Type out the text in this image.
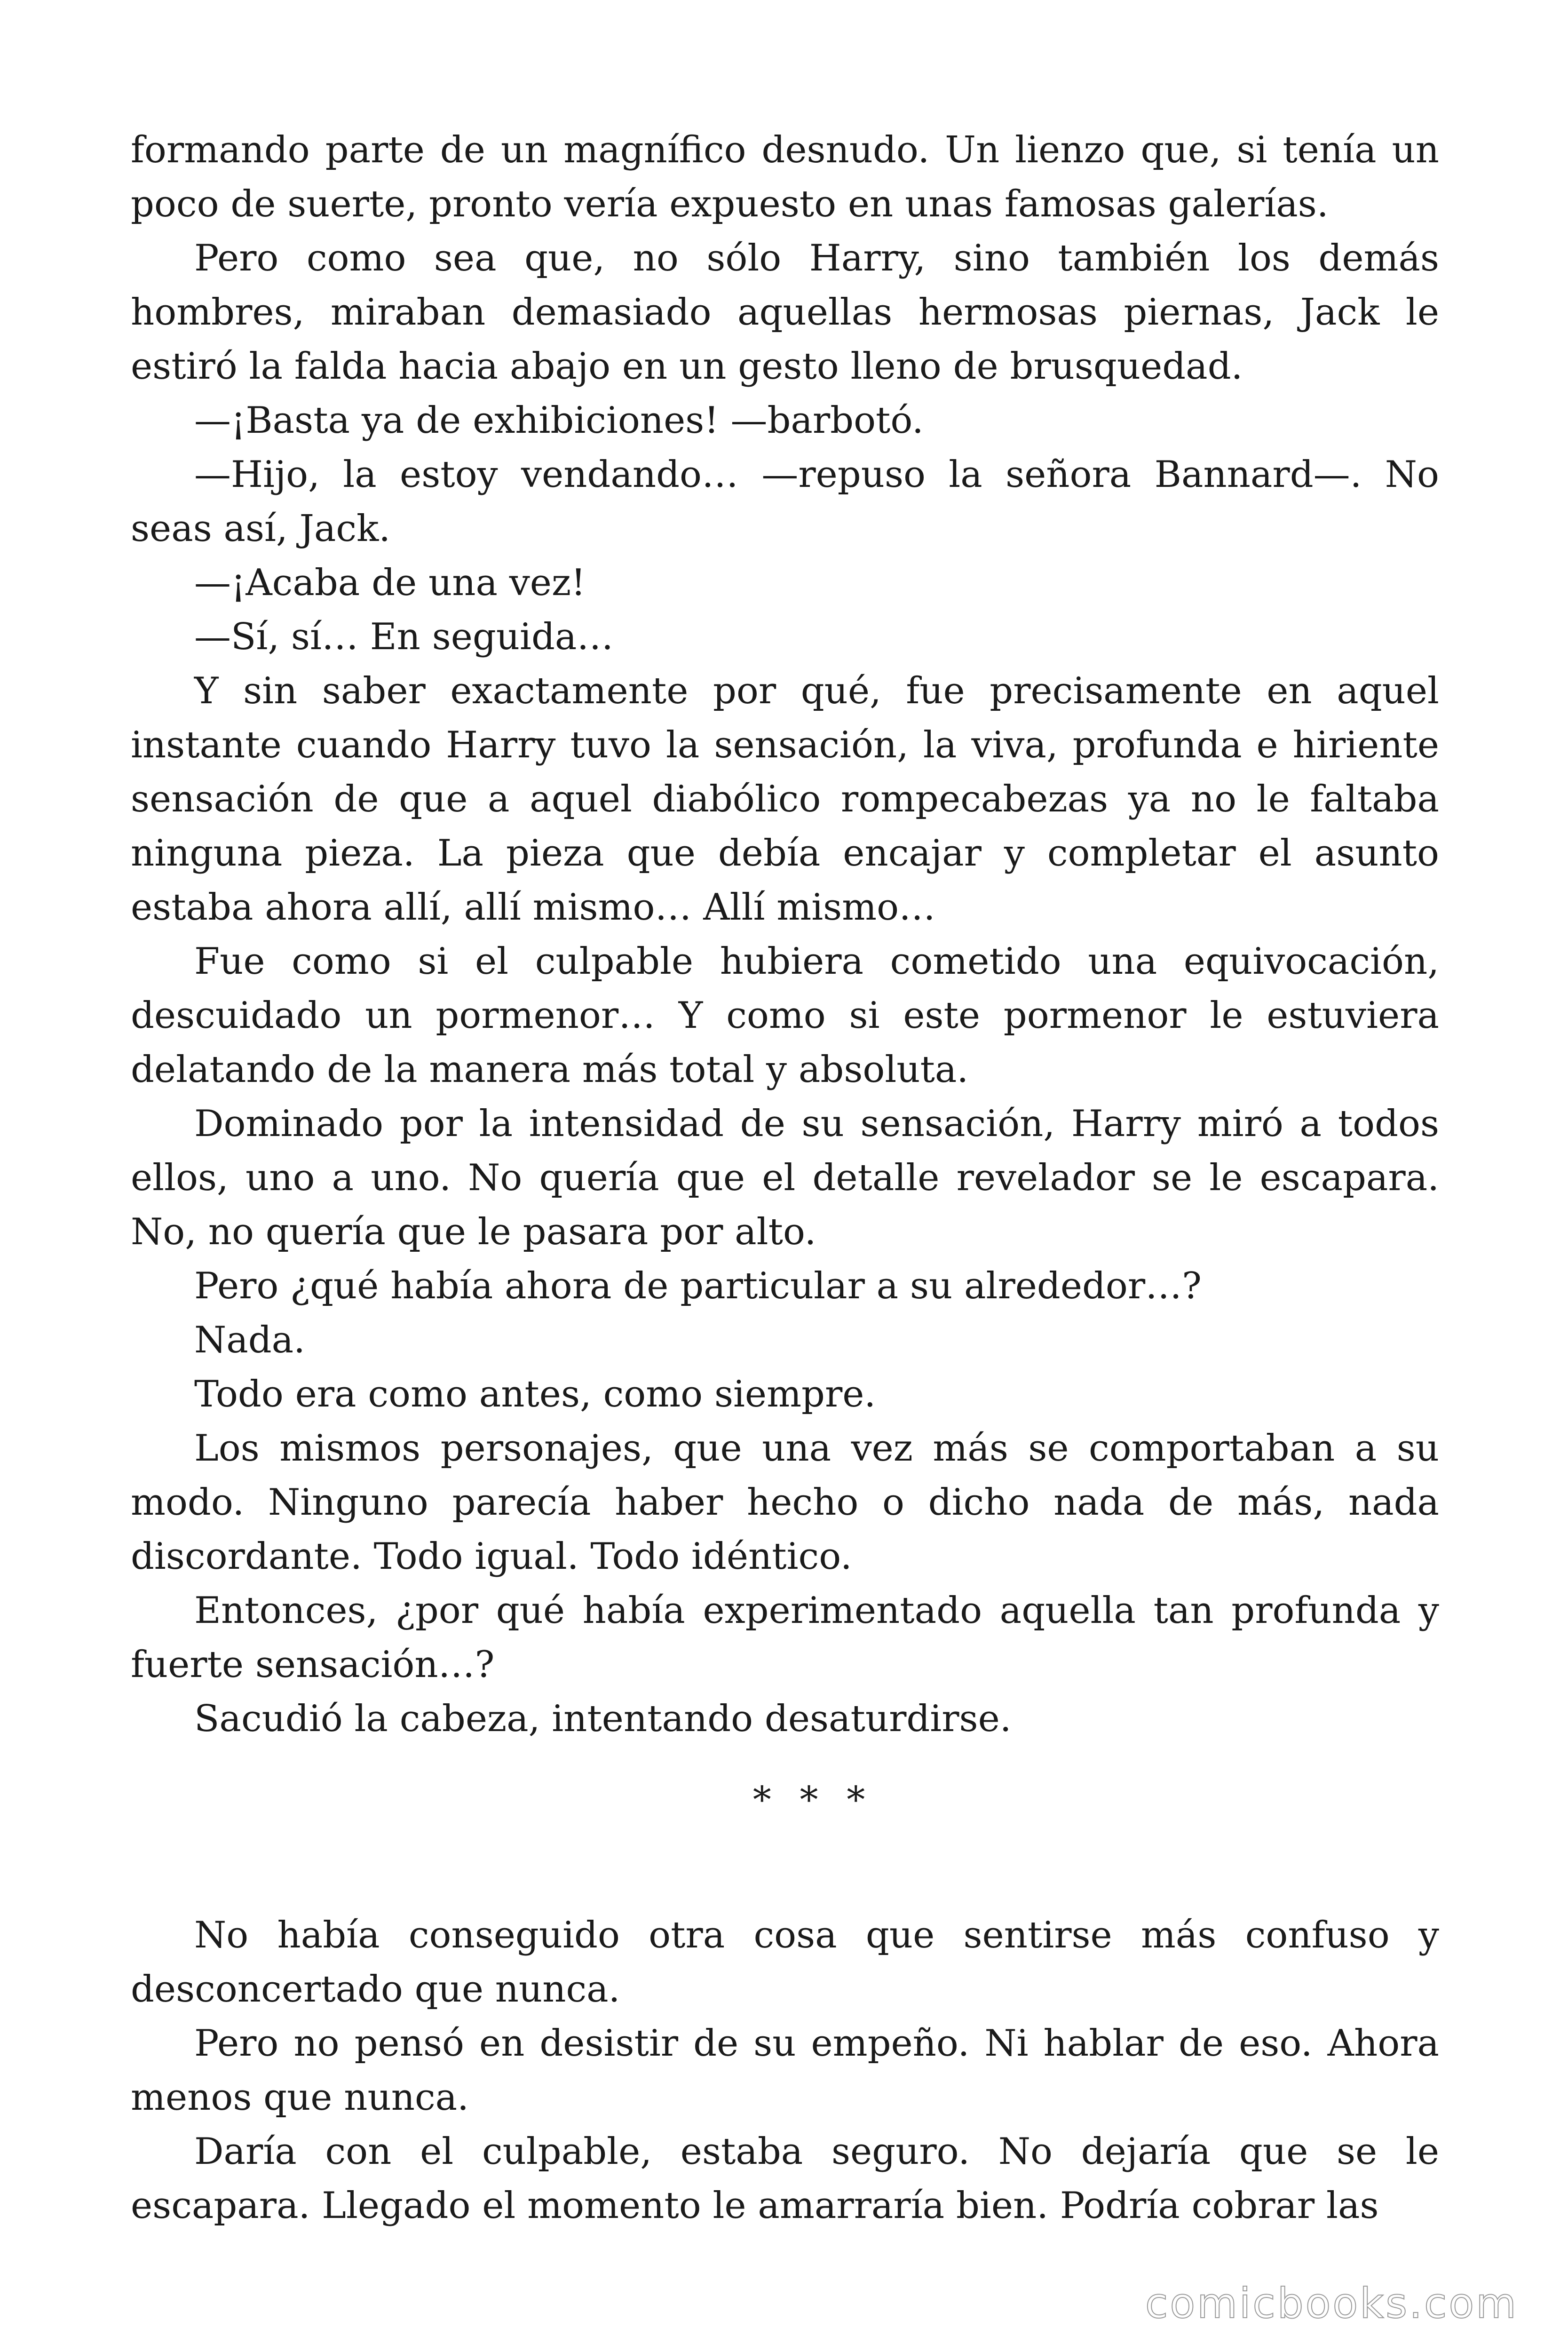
formando parte de un magnífico desnudo. Un lienzo que, si tenía un poco de suerte, pronto vería expuesto en unas famosas galerías.

Pero como sea que, no sólo Harry, sino también los demás hombres, miraban demasiado aquellas hermosas piernas, Jack le estiró la falda hacia abajo en un gesto lleno de brusquedad.

—¡Basta ya de exhibiciones! —barbotó.

—Hijo, la estoy vendando… —repuso la señora Bannard—. No seas así, Jack.

—¡Acaba de una vez!

—Sí, sí… En seguida…

Y sin saber exactamente por qué, fue precisamente en aquel instante cuando Harry tuvo la sensación, la viva, profunda e hiriente sensación de que a aquel diabólico rompecabezas ya no le faltaba ninguna pieza. La pieza que debía encajar y completar el asunto estaba ahora allí, allí mismo… Allí mismo…

Fue como si el culpable hubiera cometido una equivocación, descuidado un pormenor… Y como si este pormenor le estuviera delatando de la manera más total y absoluta.

Dominado por la intensidad de su sensación, Harry miró a todos ellos, uno a uno. No quería que el detalle revelador se le escapara. No, no quería que le pasara por alto.

Pero ¿qué había ahora de particular a su alrededor…?

Nada.

Todo era como antes, como siempre.

Los mismos personajes, que una vez más se comportaban a su modo. Ninguno parecía haber hecho o dicho nada de más, nada discordante. Todo igual. Todo idéntico.

Entonces, ¿por qué había experimentado aquella tan profunda y fuerte sensación…?

Sacudió la cabeza, intentando desaturdirse.

* * *

No había conseguido otra cosa que sentirse más confuso y desconcertado que nunca.

Pero no pensó en desistir de su empeño. Ni hablar de eso. Ahora menos que nunca.

Daría con el culpable, estaba seguro. No dejaría que se le escapara. Llegado el momento le amarraría bien. Podría cobrar las

comicbooks.com
